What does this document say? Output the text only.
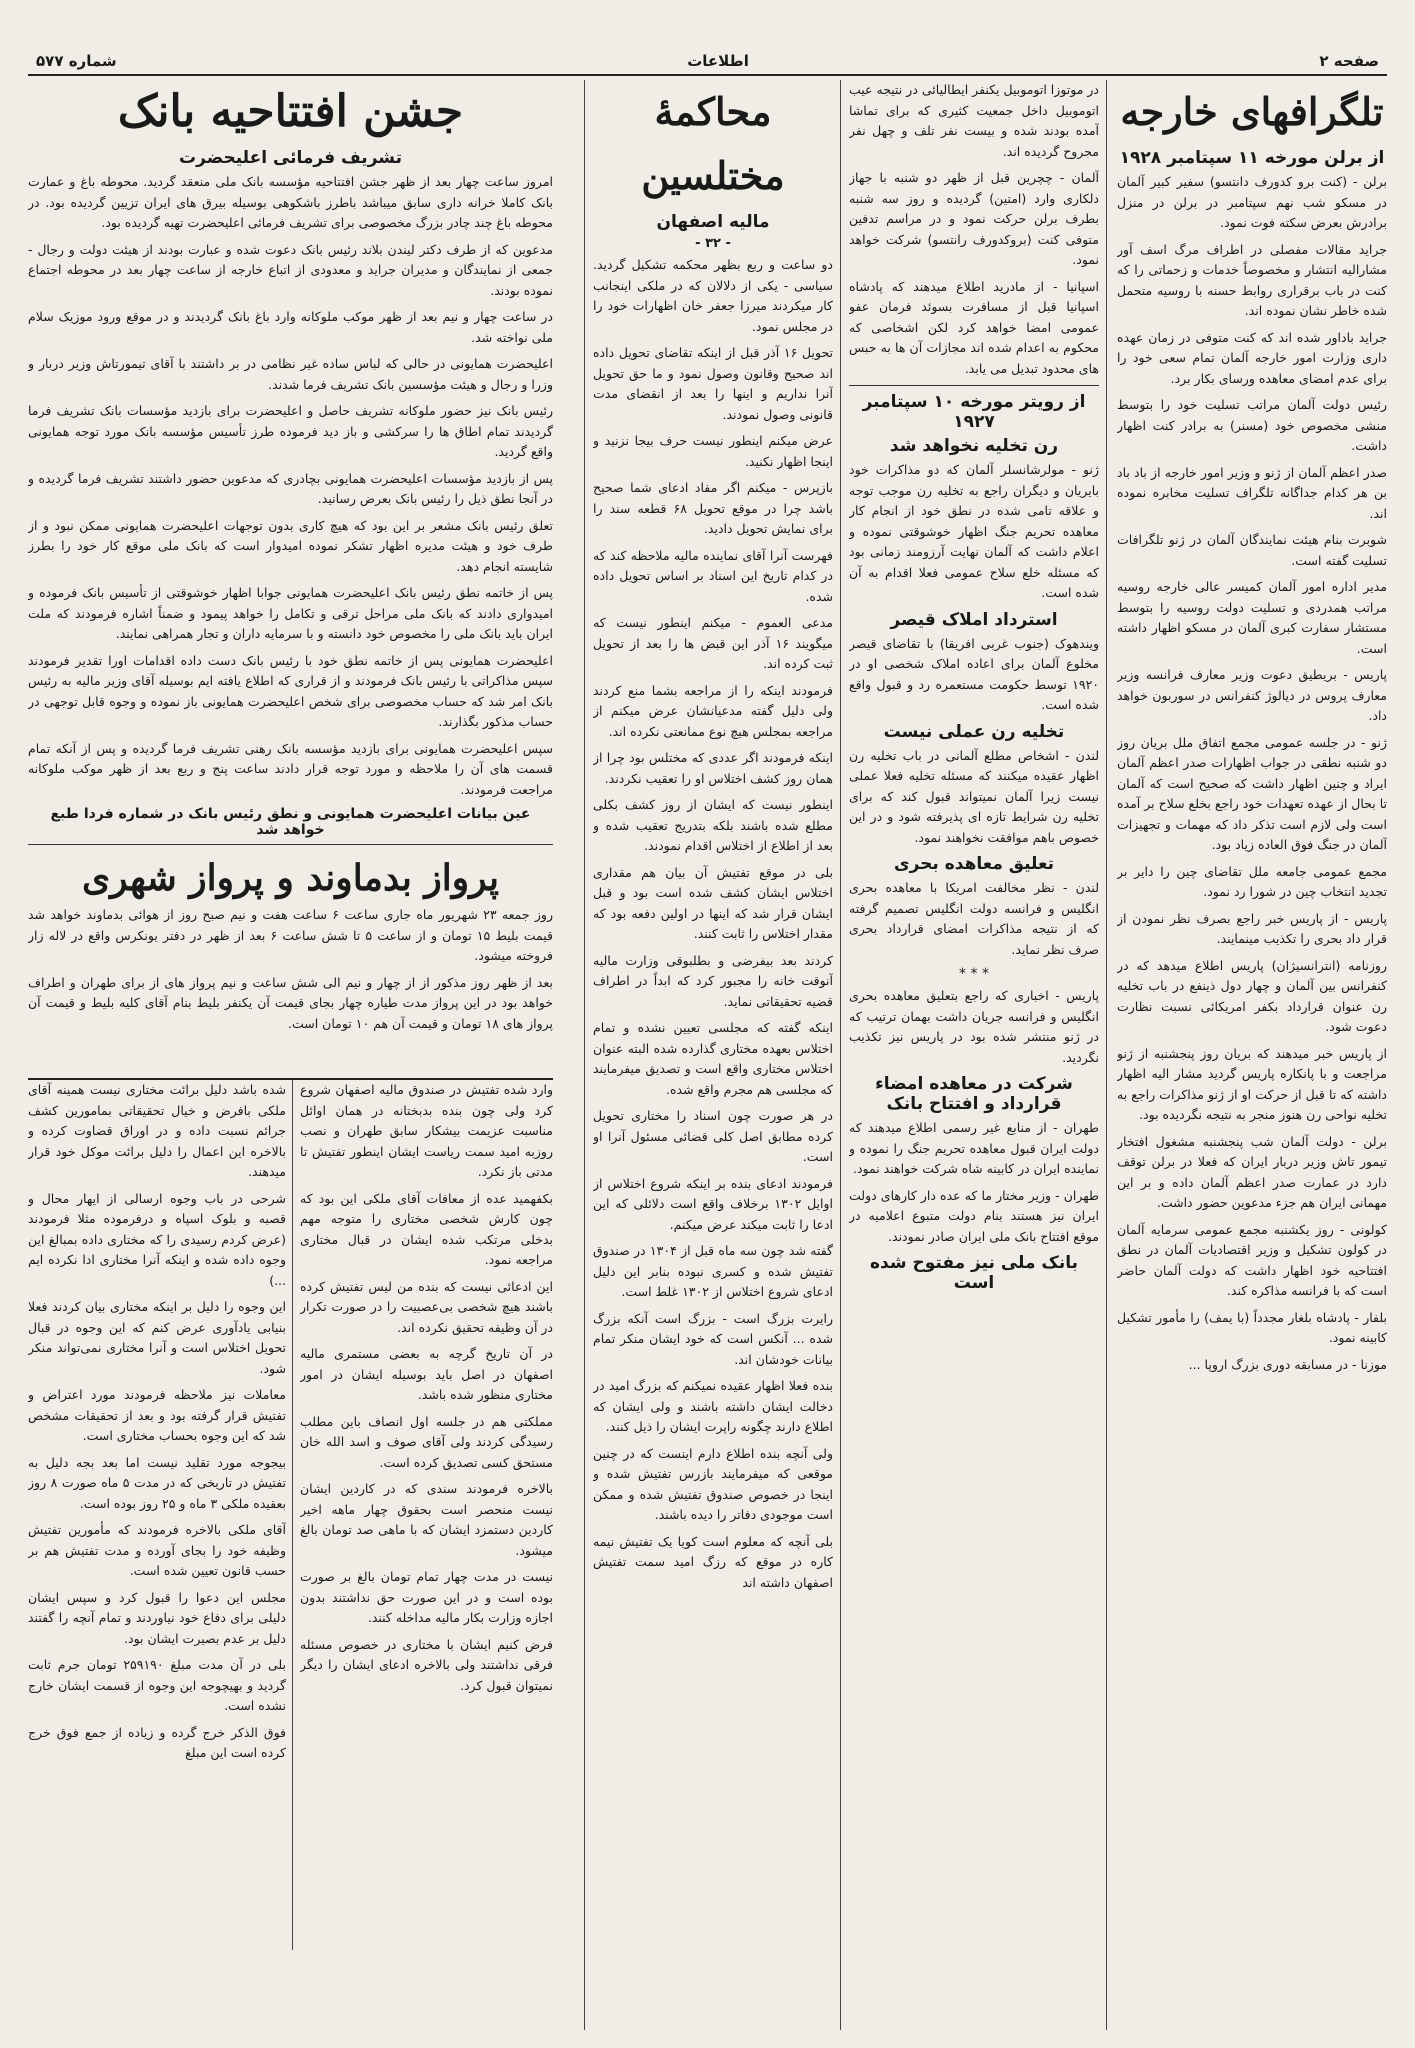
صفحه ۲
اطلاعات
شماره ۵۷۷
تلگرافهای خارجه
از برلن مورخه ۱۱ سپتامبر ۱۹۲۸

برلن - (کنت برو کدورف دانتسو) سفیر کبیر آلمان در مسکو شب نهم سپتامبر در برلن در منزل برادرش بعرض سکته فوت نمود.

جراید مقالات مفصلی در اطراف مرگ اسف آور مشارالیه انتشار و مخصوصاً خدمات و زحماتی را که کنت در باب برقراری روابط حسنه با روسیه متحمل شده خاطر نشان نموده اند.

جراید باداور شده اند که کنت متوفی در زمان عهده داری وزارت امور خارجه آلمان تمام سعی خود را برای عدم امضای معاهده ورسای بکار برد.

رئیس دولت آلمان مراتب تسلیت خود را بتوسط منشی مخصوص خود (مسنر) به برادر کنت اظهار داشت.

صدر اعظم آلمان از ژنو و وزیر امور خارجه از باد باد بن هر کدام جداگانه تلگراف تسلیت مخابره نموده اند.

شوبرت بنام هیئت نمایندگان آلمان در ژنو تلگرافات تسلیت گفته است.

مدیر اداره امور آلمان کمیسر عالی خارجه روسیه مراتب همدردی و تسلیت دولت روسیه را بتوسط مستشار سفارت کبری آلمان در مسکو اظهار داشته است.

پاریس - بریطیق دعوت وزیر معارف فرانسه وزیر معارف پروس در دیالوژ کنفرانس در سوربون خواهد داد.

ژنو - در جلسه عمومی مجمع اتفاق ملل بریان روز دو شنبه نطقی در جواب اظهارات صدر اعظم آلمان ایراد و چنین اظهار داشت که صحیح است که آلمان تا بحال از عهده تعهدات خود راجع بخلع سلاح بر آمده است ولی لازم است تذکر داد که مهمات و تجهیزات آلمان در جنگ فوق العاده زیاد بود.

مجمع عمومی جامعه ملل تقاضای چین را دایر بر تجدید انتخاب چین در شورا رد نمود.

پاریس - از پاریس خبر راجع بصرف نظر نمودن از قرار داد بحری را تکذیب مینمایند.

روزنامه (انترانسیژان) پاریس اطلاع میدهد که در کنفرانس بین آلمان و چهار دول ذینفع در باب تخلیه رن عنوان قرارداد بکفر امریکائی نسبت نظارت دعوت شود.

از پاریس خبر میدهند که بریان روز پنجشنبه از ژنو مراجعت و با پانکاره پاریس گردید مشار الیه اظهار داشته که تا قبل از حرکت او از ژنو مذاکرات راجع به تخلیه نواحی رن هنوز منجر به نتیجه نگردیده بود.

برلن - دولت آلمان شب پنجشنبه مشغول افتخار تیمور تاش وزیر دربار ایران که فعلا در برلن توقف دارد در عمارت صدر اعظم آلمان داده و بر این مهمانی ایران هم جزء مدعوین حضور داشت.

کولونی - روز یکشنبه مجمع عمومی سرمایه آلمان در کولون تشکیل و وزیر اقتصادیات آلمان در نطق افتتاحیه خود اظهار داشت که دولت آلمان حاضر است که با فرانسه مذاکره کند.

بلفار - پادشاه بلغار مجدداً (با یمف) را مأمور تشکیل کابینه نمود.

موزنا - در مسابقه دوری بزرگ اروپا ...

در موتوزا اتوموبیل یکنفر ایطالیائی در نتیجه عیب اتوموبیل داخل جمعیت کثیری که برای تماشا آمده بودند شده و بیست نفر تلف و چهل نفر مجروح گردیده اند.

آلمان - چچرین قبل از ظهر دو شنبه با جهاز دلکاری وارد (امتین) گردیده و روز سه شنبه بطرف برلن حرکت نمود و در مراسم تدفین متوفی کنت (بروکدورف رانتسو) شرکت خواهد نمود.

اسپانیا - از مادرید اطلاع میدهند که پادشاه اسپانیا قبل از مسافرت بسوئد فرمان عفو عمومی امضا خواهد کرد لکن اشخاصی که محکوم به اعدام شده اند مجازات آن ها به حبس های محدود تبدیل می یابد.

از رویتر مورخه ۱۰ سپتامبر ۱۹۲۷
رن تخلیه نخواهد شد

ژنو - مولرشانسلر آلمان که دو مذاکرات خود بایریان و دیگران راجع به تخلیه رن موجب توجه و علاقه تامی شده در نطق خود از انجام کار معاهده تحریم جنگ اظهار خوشوقتی نموده و اعلام داشت که آلمان نهایت آرزومند زمانی بود که مسئله خلع سلاح عمومی فعلا اقدام به آن شده است.

استرداد املاک قیصر

ویندهوک (جنوب غربی افریقا) با تقاضای قیصر مخلوع آلمان برای اعاده املاک شخصی او در ۱۹۲۰ توسط حکومت مستعمره رد و قبول واقع شده است.

تخلیه رن عملی نیست

لندن - اشخاص مطلع آلمانی در باب تخلیه رن اظهار عقیده میکنند که مسئله تخلیه فعلا عملی نیست زیرا آلمان نمیتواند قبول کند که برای تخلیه رن شرایط تازه ای پذیرفته شود و در این خصوص باهم موافقت نخواهند نمود.

تعلیق معاهده بحری

لندن - نظر مخالفت امریکا با معاهده بحری انگلیس و فرانسه دولت انگلیس تصمیم گرفته که از نتیجه مذاکرات امضای قرارداد بحری صرف نظر نماید.

* * *

پاریس - اخباری که راجع بتعلیق معاهده بحری انگلیس و فرانسه جریان داشت بهمان ترتیب که در ژنو منتشر شده بود در پاریس نیز تکذیب نگردید.

شرکت در معاهده امضاء قرارداد و افتتاح بانک

طهران - از منابع غیر رسمی اطلاع میدهند که دولت ایران قبول معاهده تحریم جنگ را نموده و نماینده ایران در کابینه شاه شرکت خواهند نمود.

طهران - وزیر مختار ما که عده دار کارهای دولت ایران نیز هستند بنام دولت متبوع اعلامیه در موقع افتتاح بانک ملی ایران صادر نمودند.

بانک ملی نیز مفتوح شده است
محاکمهٔ مختلسین
مالیه اصفهان
- ۳۲ -

دو ساعت و ربع بظهر محکمه تشکیل گردید. سیاسی - یکی از دلالان که در ملکی اینجانب کار میکردند میرزا جعفر خان اظهارات خود را در مجلس نمود.

تحویل ۱۶ آذر قبل از اینکه تقاضای تحویل داده اند صحیح وقانون وصول نمود و ما حق تحویل آنرا نداریم و اینها را بعد از انقضای مدت قانونی وصول نمودند.

عرض میکنم اینطور نیست حرف بیجا نزنید و اینجا اظهار نکنید.

بازپرس - میکنم اگر مفاد ادعای شما صحیح باشد چرا در موقع تحویل ۶۸ قطعه سند را برای نمایش تحویل دادید.

فهرست آنرا آقای نماینده مالیه ملاحظه کند که در کدام تاریخ این اسناد بر اساس تحویل داده شده.

مدعی العموم - میکنم اینطور نیست که میگویند ۱۶ آذر این قبض ها را بعد از تحویل ثبت کرده اند.

فرمودند اینکه را از مراجعه بشما منع کردند ولی دلیل گفته مدعیانشان عرض میکنم از مراجعه بمجلس هیچ نوع ممانعتی نکرده اند.

اینکه فرمودند اگر عددی که مختلس بود چرا از همان روز کشف اختلاس او را تعقیب نکردند.

اینطور نیست که ایشان از روز کشف بکلی مطلع شده باشند بلکه بتدریج تعقیب شده و بعد از اطلاع از اختلاس اقدام نمودند.

بلی در موقع تفتیش آن بیان هم مقداری اختلاس ایشان کشف شده است بود و قبل ایشان قرار شد که اینها در اولین دفعه بود که مقدار اختلاس را ثابت کنند.

کردند بعد بیفرضی و بطلبوقی وزارت مالیه آنوقت خانه را مجبور کرد که ابداً در اطراف قضیه تحقیقاتی نماید.

اینکه گفته که مجلسی تعیین نشده و تمام اختلاس بعهده مختاری گذارده شده البته عنوان اختلاس مختاری واقع است و تصدیق میفرمایند که مجلسی هم مجرم واقع شده.

در هر صورت چون اسناد را مختاری تحویل کرده مطابق اصل کلی قضائی مسئول آنرا او است.

فرمودند ادعای بنده بر اینکه شروع اختلاس از اوایل ۱۳۰۲ برخلاف واقع است دلائلی که این ادعا را ثابت میکند عرض میکنم.

گفته شد چون سه ماه قبل از ۱۳۰۴ در صندوق تفتیش شده و کسری نبوده بنابر این دلیل ادعای شروع اختلاس از ۱۳۰۲ غلط است.

رایرت بزرگ است - بزرگ است آنکه بزرگ شده ... آنکس است که خود ایشان منکر تمام بیانات خودشان اند.

بنده فعلا اظهار عقیده نمیکنم که بزرگ امید در دخالت ایشان داشته باشند و ولی ایشان که اطلاع دارند چگونه راپرت ایشان را ذیل کنند.

ولی آنچه بنده اطلاع دارم اینست که در چنین موقعی که میفرمایند بازرس تفتیش شده و اینجا در خصوص صندوق تفتیش شده و ممکن است موجودی دفاتر را دیده باشند.

بلی آنچه که معلوم است کویا یک تفتیش نیمه کاره در موقع که رزگ امید سمت تفتیش اصفهان داشته اند

جشن افتتاحیه بانک
تشریف فرمائی اعلیحضرت

امروز ساعت چهار بعد از ظهر جشن افتتاحیه مؤسسه بانک ملی منعقد گردید. محوطه باغ و عمارت بانک کاملا خرانه داری سابق میباشد باطرز باشکوهی بوسیله بیرق های ایران تزیین گردیده بود. در محوطه باغ چند چادر بزرگ مخصوصی برای تشریف فرمائی اعلیحضرت تهیه گردیده بود.

مدعوین که از طرف دکتر لیندن بلاند رئیس بانک دعوت شده و عبارت بودند از هیئت دولت و رجال - جمعی از نمایندگان و مدیران جراید و معدودی از اتباع خارجه از ساعت چهار بعد در محوطه اجتماع نموده بودند.

در ساعت چهار و نیم بعد از ظهر موکب ملوکانه وارد باغ بانک گردیدند و در موقع ورود موزیک سلام ملی نواخته شد.

اعلیحضرت همایونی در حالی که لباس ساده غیر نظامی در بر داشتند با آقای تیمورتاش وزیر دربار و وزرا و رجال و هیئت مؤسسین بانک تشریف فرما شدند.

رئیس بانک نیز حضور ملوکانه تشریف حاصل و اعلیحضرت برای بازدید مؤسسات بانک تشریف فرما گردیدند تمام اطاق ها را سرکشی و باز دید فرموده طرز تأسیس مؤسسه بانک مورد توجه همایونی واقع گردید.

پس از بازدید مؤسسات اعلیحضرت همایونی بچادری که مدعوین حضور داشتند تشریف فرما گردیده و در آنجا نطق ذیل را رئیس بانک بعرض رسانید.

تعلق رئیس بانک مشعر بر این بود که هیچ کاری بدون توجهات اعلیحضرت همایونی ممکن نبود و از طرف خود و هیئت مدیره اظهار تشکر نموده امیدوار است که بانک ملی موقع کار خود را بطرز شایسته انجام دهد.

پس از خاتمه نطق رئیس بانک اعلیحضرت همایونی جوابا اظهار خوشوقتی از تأسیس بانک فرموده و امیدواری دادند که بانک ملی مراحل ترقی و تکامل را خواهد پیمود و ضمناً اشاره فرمودند که ملت ایران باید بانک ملی را مخصوص خود دانسته و با سرمایه داران و تجار همراهی نمایند.

اعلیحضرت همایونی پس از خاتمه نطق خود با رئیس بانک دست داده اقدامات اورا تقدیر فرمودند سپس مذاکراتی با رئیس بانک فرمودند و از قراری که اطلاع یافته ایم بوسیله آقای وزیر مالیه به رئیس بانک امر شد که حساب مخصوصی برای شخص اعلیحضرت همایونی باز نموده و وجوه قابل توجهی در حساب مذکور بگذارند.

سپس اعلیحضرت همایونی برای بازدید مؤسسه بانک رهنی تشریف فرما گردیده و پس از آنکه تمام قسمت های آن را ملاحظه و مورد توجه قرار دادند ساعت پنج و ربع بعد از ظهر موکب ملوکانه مراجعت فرمودند.

عین بیانات اعلیحضرت همایونی و نطق رئیس بانک در شماره فردا طبع خواهد شد
پرواز بدماوند و پرواز شهری

روز جمعه ۲۳ شهریور ماه جاری ساعت ۶ ساعت هفت و نیم صبح روز از هوائی بدماوند خواهد شد قیمت بلیط ۱۵ تومان و از ساعت ۵ تا شش ساعت ۶ بعد از ظهر در دفتر یونکرس واقع در لاله زار فروخته میشود.

بعد از ظهر روز مذکور از از چهار و نیم الی شش ساعت و نیم پرواز های از برای طهران و اطراف خواهد بود در این پرواز مدت طیاره چهار بجای قیمت آن یکنفر بلیط بنام آقای کلیه بلیط و قیمت آن پرواز های ۱۸ تومان و قیمت آن هم ۱۰ تومان است.

وارد شده تفتیش در صندوق مالیه اصفهان شروع کرد ولی چون بنده بدبختانه در همان اوائل مناسبت عزیمت بیشکار سابق طهران و نصب روزبه امید سمت ریاست ایشان اینطور تفتیش تا مدتی باز نکرد.

بکفهمید عده از معافات آقای ملکی این بود که چون کارش شخصی مختاری را متوجه مهم بدخلی مرتکب شده ایشان در قبال مختاری مراجعه نمود.

این ادعائی نیست که بنده من لیس تفتیش کرده باشند هیچ شخصی بی‌عصبیت را در صورت تکرار در آن وظیفه تحقیق نکرده اند.

در آن تاریخ گرچه به بعضی مستمری مالیه اصفهان در اصل باید بوسیله ایشان در امور مختاری منظور شده باشد.

مملکتی هم در جلسه اول انصاف باین مطلب رسیدگی کردند ولی آقای صوف و اسد الله خان مستحق کسی تصدیق کرده است.

بالاخره فرمودند سندی که در کاردین ایشان نیست منحصر است بحقوق چهار ماهه اخیر کاردین دستمزد ایشان که با ماهی صد تومان بالغ میشود.

نیست در مدت چهار تمام تومان بالغ بر صورت بوده است و در این صورت حق نداشتند بدون اجازه وزارت بکار مالیه مداخله کنند.

فرض کنیم ایشان با مختاری در خصوص مسئله فرقی نداشتند ولی بالاخره ادعای ایشان را دیگر نمیتوان قبول کرد.

شده باشد دلیل برائت مختاری نیست همینه آقای ملکی بافرض و خیال تحقیقاتی بمامورین کشف جرائم نسبت داده و در اوراق قضاوت کرده و بالاخره این اعمال را دلیل برائت موکل خود قرار میدهند.

شرحی در باب وجوه ارسالی از ایهار محال و قصبه و بلوک اسپاه و درفرموده مثلا فرمودند (عرض کردم رسیدی را که مختاری داده بمبالغ این وجوه داده شده و اینکه آنرا مختاری ادا نکرده ایم ...)

این وجوه را دلیل بر اینکه مختاری بیان کردند فعلا بنیابی یادآوری عرض کنم که این وجوه در قبال تحویل اختلاس است و آنرا مختاری نمی‌تواند منکر شود.

معاملات نیز ملاحظه فرمودند مورد اعتراض و تفتیش قرار گرفته بود و بعد از تحقیقات مشخص شد که این وجوه بحساب مختاری است.

بیجوجه مورد تقلید نیست اما بعد بجه دلیل به تفتیش در تاریخی که در مدت ۵ ماه صورت ۸ روز بعقیده ملکی ۳ ماه و ۲۵ روز بوده است.

آقای ملکی بالاخره فرمودند که مأمورین تفتیش وظیفه خود را بجای آورده و مدت تفتیش هم بر حسب قانون تعیین شده است.

مجلس این دعوا را قبول کرد و سپس ایشان دلیلی برای دفاع خود نیاوردند و تمام آنچه را گفتند دلیل بر عدم بصیرت ایشان بود.

بلی در آن مدت مبلغ ۲۵۹۱۹۰ تومان جرم ثابت گردید و بهیچوجه این وجوه از قسمت ایشان خارج نشده است.

فوق الذکر خرج گرده و زیاده از جمع فوق خرج کرده است این مبلغ
